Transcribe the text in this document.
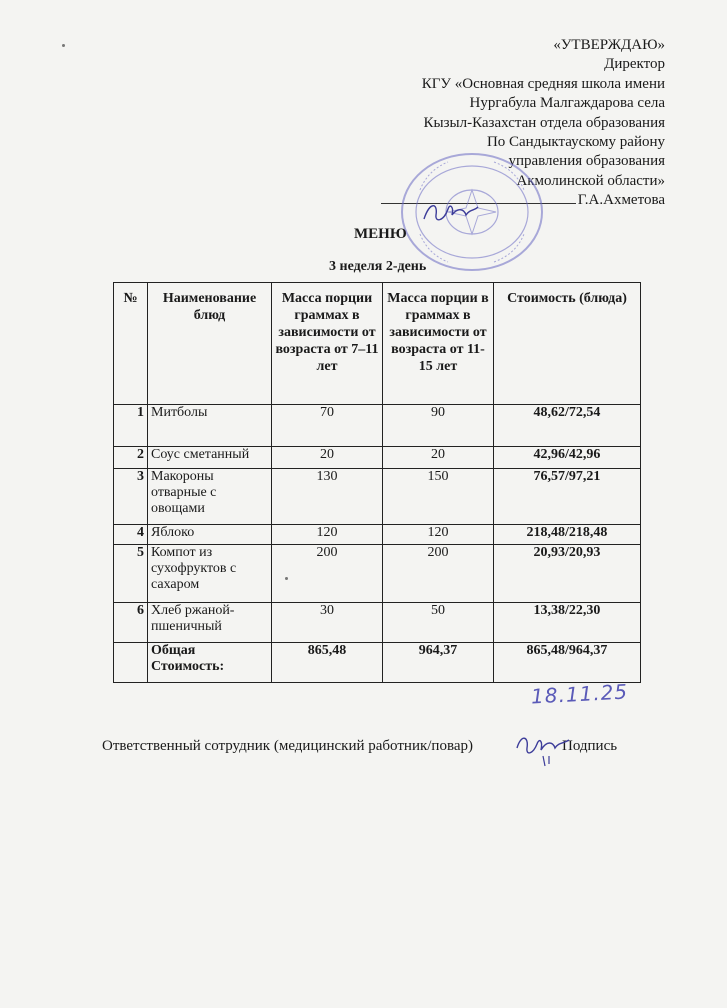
«УТВЕРЖДАЮ»
Директор
КГУ «Основная средняя школа имени
Нургабула Малгаждарова села
Кызыл-Казахстан отдела образования
По Сандыктаускому району
управления образования
Акмолинской области»
Г.А.Ахметова
МЕНЮ
3 неделя 2-день
№	Наименование блюд	Масса порции граммах в зависимости от возраста от 7–11 лет	Масса порции в граммах в зависимости от возраста от 11-15 лет	Стоимость (блюда)
1	Митболы	70	90	48,62/72,54
2	Соус сметанный	20	20	42,96/42,96
3	Макороны отварные с овощами	130	150	76,57/97,21
4	Яблоко	120	120	218,48/218,48
5	Компот из сухофруктов с сахаром	200	200	20,93/20,93
6	Хлеб ржаной-пшеничный	30	50	13,38/22,30
	Общая Стоимость:	865,48	964,37	865,48/964,37
18.11.25
Ответственный сотрудник (медицинский работник/повар)	Подпись
